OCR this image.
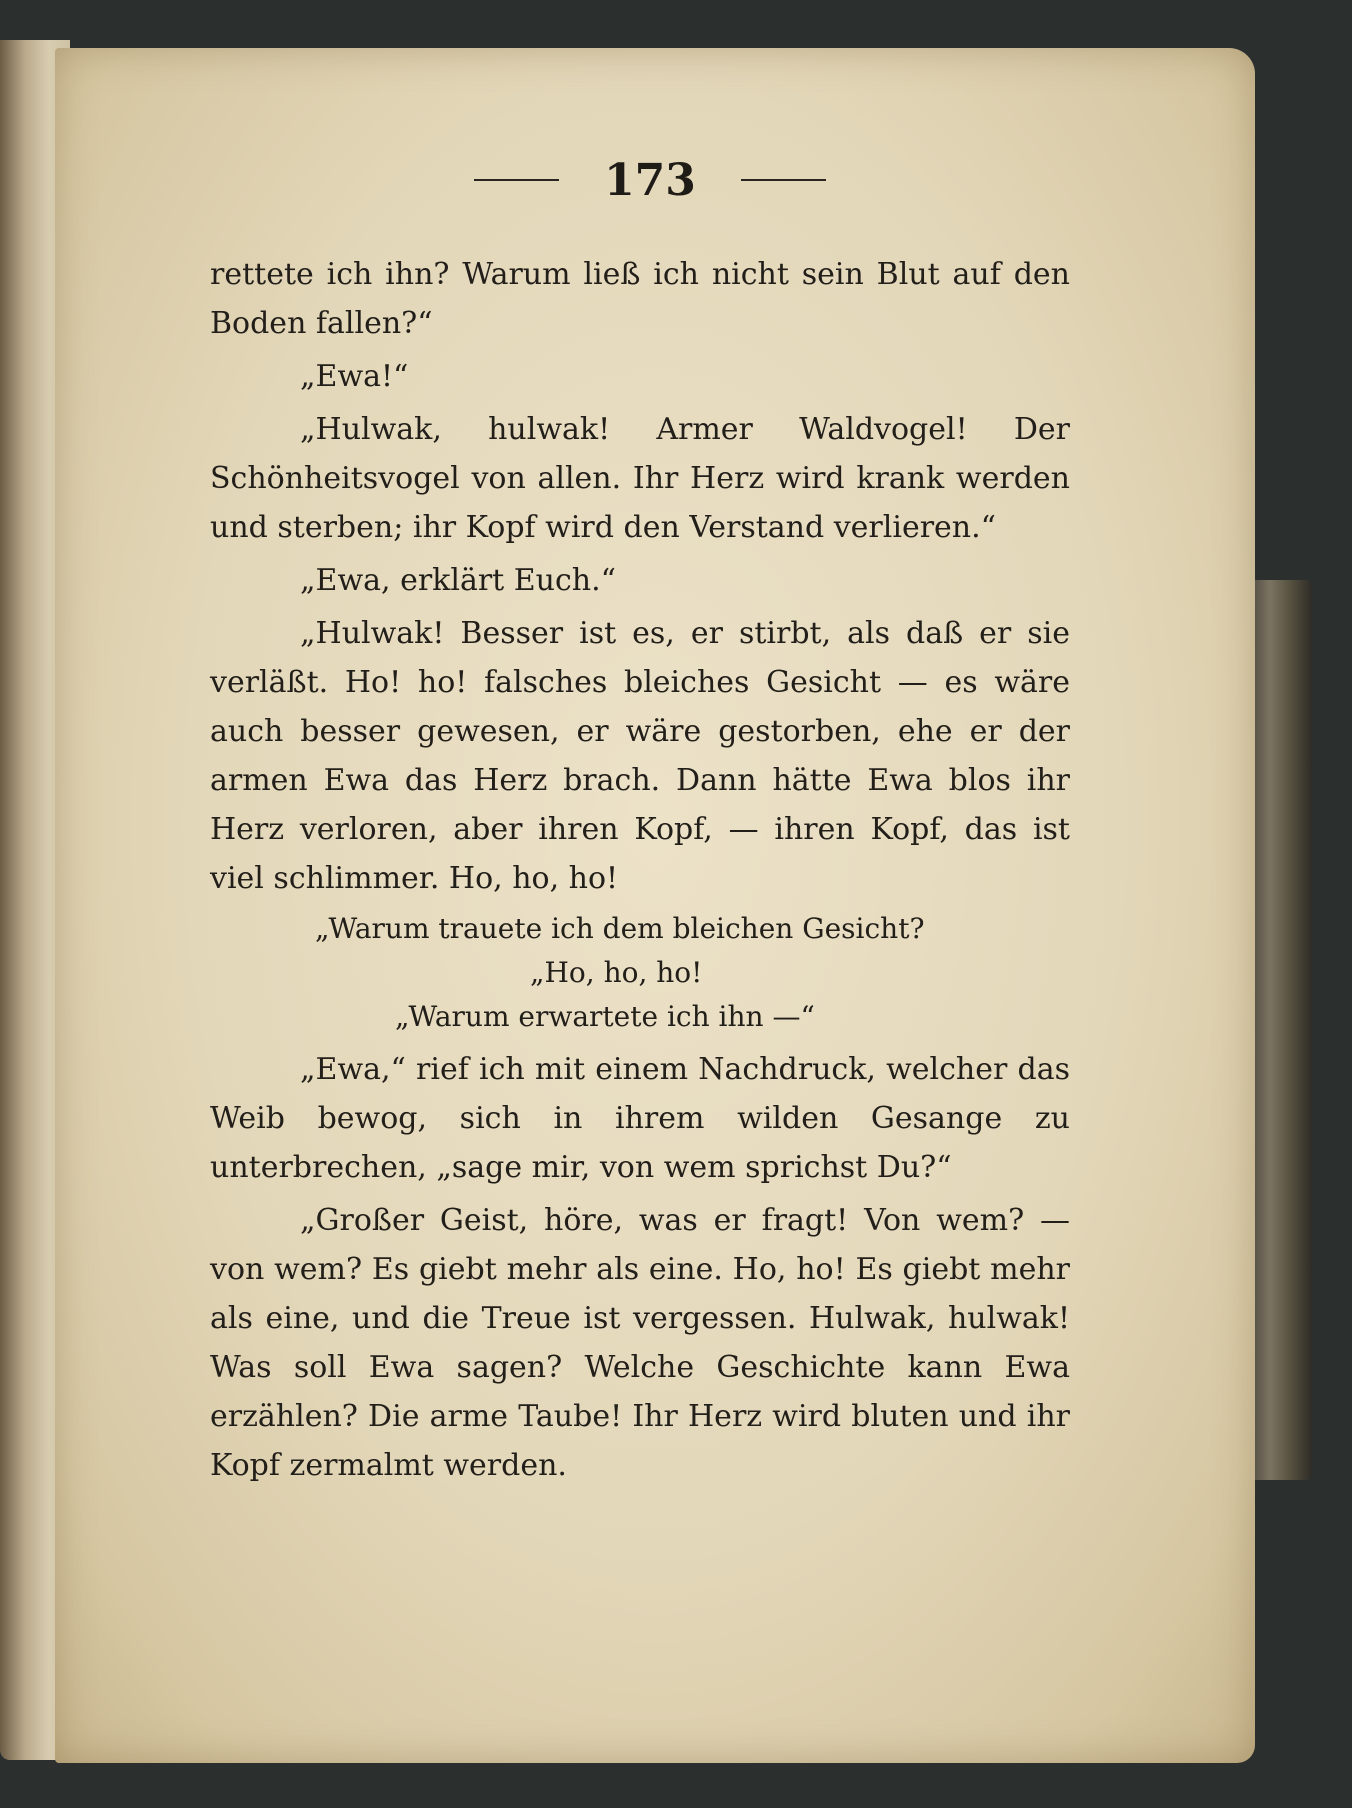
173

rettete ich ihn? Warum ließ ich nicht sein Blut auf den Boden fallen?“

„Ewa!“

„Hulwak, hulwak! Armer Waldvogel! Der Schönheitsvogel von allen. Ihr Herz wird krank werden und sterben; ihr Kopf wird den Verstand verlieren.“

„Ewa, erklärt Euch.“

„Hulwak! Besser ist es, er stirbt, als daß er sie verläßt. Ho! ho! falsches bleiches Gesicht — es wäre auch besser gewesen, er wäre gestorben, ehe er der armen Ewa das Herz brach. Dann hätte Ewa blos ihr Herz verloren, aber ihren Kopf, — ihren Kopf, das ist viel schlimmer. Ho, ho, ho!

„Warum trauete ich dem bleichen Gesicht?
„Ho, ho, ho!
„Warum erwartete ich ihn —“

„Ewa,“ rief ich mit einem Nachdruck, welcher das Weib bewog, sich in ihrem wilden Gesange zu unterbrechen, „sage mir, von wem sprichst Du?“

„Großer Geist, höre, was er fragt! Von wem? — von wem? Es giebt mehr als eine. Ho, ho! Es giebt mehr als eine, und die Treue ist vergessen. Hulwak, hulwak! Was soll Ewa sagen? Welche Geschichte kann Ewa erzählen? Die arme Taube! Ihr Herz wird bluten und ihr Kopf zermalmt werden.
